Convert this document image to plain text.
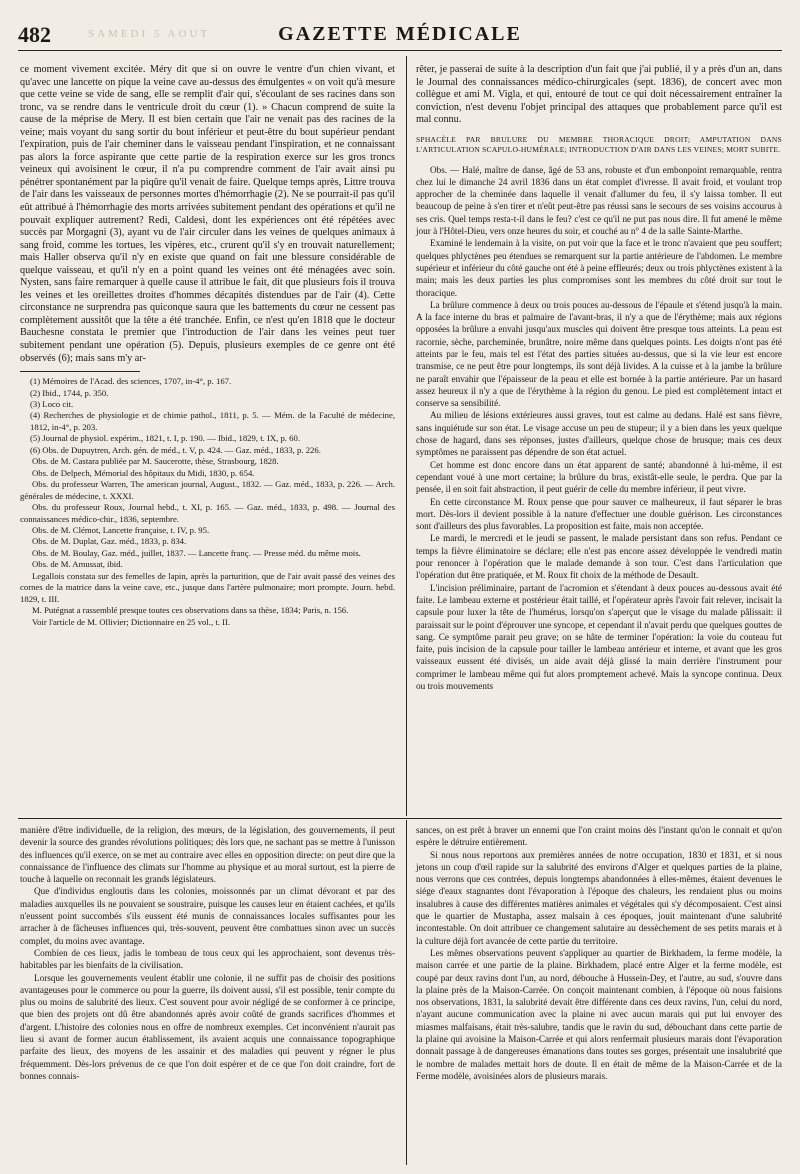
482	SAMEDI 5 AOUT	GAZETTE MÉDICALE

ce moment vivement excitée. Méry dit que si on ouvre le ventre d'un chien vivant, et qu'avec une lancette on pique la veine cave au-dessus des émulgentes « on voit qu'à mesure que cette veine se vide de sang, elle se remplit d'air qui, s'écoulant de ses racines dans son tronc, va se rendre dans le ventricule droit du cœur (1). » Chacun comprend de suite la cause de la méprise de Mery. Il est bien certain que l'air ne venait pas des racines de la veine; mais voyant du sang sortir du bout inférieur et peut-être du bout supérieur pendant l'expiration, puis de l'air cheminer dans le vaisseau pendant l'inspiration, et ne connaissant pas alors la force aspirante que cette partie de la respiration exerce sur les gros troncs veineux qui avoisinent le cœur, il n'a pu comprendre comment de l'air avait ainsi pu pénétrer spontanément par la piqûre qu'il venait de faire. Quelque temps après, Littre trouva de l'air dans les vaisseaux de personnes mortes d'hémorrhagie (2). Ne se pourrait-il pas qu'il eût attribué à l'hémorrhagie des morts arrivées subitement pendant des opérations et qu'il ne pouvait expliquer autrement? Redi, Caldesi, dont les expériences ont été répétées avec succès par Morgagni (3), ayant vu de l'air circuler dans les veines de quelques animaux à sang froid, comme les tortues, les vipères, etc., crurent qu'il s'y en trouvait naturellement; mais Haller observa qu'il n'y en existe que quand on fait une blessure considérable de quelque vaisseau, et qu'il n'y en a point quand les veines ont été ménagées avec soin. Nysten, sans faire remarquer à quelle cause il attribue le fait, dit que plusieurs fois il trouva les veines et les oreillettes droites d'hommes décapités distendues par de l'air (4). Cette circonstance ne surprendra pas quiconque saura que les battements du cœur ne cessent pas complètement aussitôt que la tête a été tranchée. Enfin, ce n'est qu'en 1818 que le docteur Bauchesne constata le premier que l'introduction de l'air dans les veines peut tuer subitement pendant une opération (5). Depuis, plusieurs exemples de ce genre ont été observés (6); mais sans m'y ar-

(1) Mémoires de l'Acad. des sciences, 1707, in-4°, p. 167.

(2) Ibid., 1744, p. 350.

(3) Loco cit.

(4) Recherches de physiologie et de chimie pathol., 1811, p. 5. — Mém. de la Faculté de médecine, 1812, in-4°, p. 203.

(5) Journal de physiol. expérim., 1821, t. I, p. 190. — Ibid., 1829, t. IX, p. 60.

(6) Obs. de Dupuytren, Arch. gén. de méd., t. V, p. 424. — Gaz. méd., 1833, p. 226.

Obs. de M. Castara publiée par M. Saucerotte, thèse, Strasbourg, 1828.

Obs. de Delpech, Mémorial des hôpitaux du Midi, 1830, p. 654.

Obs. du professeur Warren, The american journal, August., 1832. — Gaz. méd., 1833, p. 226. — Arch. générales de médecine, t. XXXI.

Obs. du professeur Roux, Journal hebd., t. XI, p. 165. — Gaz. méd., 1833, p. 498. — Journal des connaissances médico-chir., 1836, septembre.

Obs. de M. Clémot, Lancette française, t. IV, p. 95.

Obs. de M. Duplat, Gaz. méd., 1833, p. 834.

Obs. de M. Boulay, Gaz. méd., juillet, 1837. — Lancette franç. — Presse méd. du même mois.

Obs. de M. Amussat, ibid.

Legallois constata sur des femelles de lapin, après la parturition, que de l'air avait passé des veines des cornes de la matrice dans la veine cave, etc., jusque dans l'artère pulmonaire; mort prompte. Journ. hebd. 1829, t. III.

M. Putégnat a rassemblé presque toutes ces observations dans sa thèse, 1834; Paris, n. 156.

Voir l'article de M. Ollivier; Dictionnaire en 25 vol., t. II.

rêter, je passerai de suite à la description d'un fait que j'ai publié, il y a près d'un an, dans le Journal des connaissances médico-chirurgicales (sept. 1836), de concert avec mon collègue et ami M. Vigla, et qui, entouré de tout ce qui doit nécessairement entraîner la conviction, n'est devenu l'objet principal des attaques que probablement parce qu'il est mal connu.

SPHACÈLE PAR BRULURE DU MEMBRE THORACIQUE DROIT; AMPUTATION DANS L'ARTICULATION SCAPULO-HUMÉRALE; INTRODUCTION D'AIR DANS LES VEINES; MORT SUBITE.

Obs. — Halé, maître de danse, âgé de 53 ans, robuste et d'un embonpoint remarquable, rentra chez lui le dimanche 24 avril 1836 dans un état complet d'ivresse. Il avait froid, et voulant trop approcher de la cheminée dans laquelle il venait d'allumer du feu, il s'y laissa tomber. Il eut beaucoup de peine à s'en tirer et n'eût peut-être pas réussi sans le secours de ses voisins accourus à ses cris. Quel temps resta-t-il dans le feu? c'est ce qu'il ne put pas nous dire. Il fut amené le même jour à l'Hôtel-Dieu, vers onze heures du soir, et couché au n° 4 de la salle Sainte-Marthe.

Examiné le lendemain à la visite, on put voir que la face et le tronc n'avaient que peu souffert; quelques phlyctènes peu étendues se remarquent sur la partie antérieure de l'abdomen. Le membre supérieur et inférieur du côté gauche ont été à peine effleurés; deux ou trois phlyctènes existent à la main; mais les deux parties les plus compromises sont les membres du côté droit sur tout le thoracique.

La brûlure commence à deux ou trois pouces au-dessous de l'épaule et s'étend jusqu'à la main. A la face interne du bras et palmaire de l'avant-bras, il n'y a que de l'érythème; mais aux régions opposées la brûlure a envahi jusqu'aux muscles qui doivent être presque tous atteints. La peau est racornie, sèche, parcheminée, brunâtre, noire même dans quelques points. Les doigts n'ont pas été atteints par le feu, mais tel est l'état des parties situées au-dessus, que si la vie leur est encore transmise, ce ne peut être pour longtemps, ils sont déjà livides. A la cuisse et à la jambe la brûlure ne paraît envahir que l'épaisseur de la peau et elle est bornée à la partie antérieure. Par un hasard assez heureux il n'y a que de l'érythème à la région du genou. Le pied est complètement intact et conserve sa sensibilité.

Au milieu de lésions extérieures aussi graves, tout est calme au dedans. Halé est sans fièvre, sans inquiétude sur son état. Le visage accuse un peu de stupeur; il y a bien dans les yeux quelque chose de hagard, dans ses réponses, justes d'ailleurs, quelque chose de brusque; mais ces deux symptômes ne paraissent pas dépendre de son état actuel.

Cet homme est donc encore dans un état apparent de santé; abandonné à lui-même, il est cependant voué à une mort certaine; la brûlure du bras, existât-elle seule, le perdra. Que par la pensée, il en soit fait abstraction, il peut guérir de celle du membre inférieur, il peut vivre.

En cette circonstance M. Roux pense que pour sauver ce malheureux, il faut séparer le bras mort. Dès-lors il devient possible à la nature d'effectuer une double guérison. Les circonstances sont d'ailleurs des plus favorables. La proposition est faite, mais non acceptée.

Le mardi, le mercredi et le jeudi se passent, le malade persistant dans son refus. Pendant ce temps la fièvre éliminatoire se déclare; elle n'est pas encore assez développée le vendredi matin pour renoncer à l'opération que le malade demande à son tour. C'est dans l'articulation que l'opération dut être pratiquée, et M. Roux fit choix de la méthode de Desault.

L'incision préliminaire, partant de l'acromion et s'étendant à deux pouces au-dessous avait été faite. Le lambeau externe et postérieur était taillé, et l'opérateur après l'avoir fait relever, incisait la capsule pour luxer la tête de l'humérus, lorsqu'on s'aperçut que le visage du malade pâlissait: il paraissait sur le point d'éprouver une syncope, et cependant il n'avait perdu que quelques gouttes de sang. Ce symptôme parait peu grave; on se hâte de terminer l'opération: la voie du couteau fut faite, puis incision de la capsule pour tailler le lambeau antérieur et interne, et avant que les gros vaisseaux eussent été divisés, un aide avait déjà glissé la main derrière l'instrument pour comprimer le lambeau même qui fut alors promptement achevé. Mais la syncope continua. Deux ou trois mouvements

manière d'être individuelle, de la religion, des mœurs, de la législation, des gouvernements, il peut devenir la source des grandes révolutions politiques; dès lors que, ne sachant pas se mettre à l'unisson des influences qu'il exerce, on se met au contraire avec elles en opposition directe: on peut dire que la connaissance de l'influence des climats sur l'homme au physique et au moral surtout, est la pierre de touche à laquelle on reconnait les grands législateurs.

Que d'individus engloutis dans les colonies, moissonnés par un climat dévorant et par des maladies auxquelles ils ne pouvaient se soustraire, puisque les causes leur en étaient cachées, et qu'ils n'eussent point succombés s'ils eussent été munis de connaissances locales suffisantes pour les arracher à de fâcheuses influences qui, très-souvent, peuvent être combattues sinon avec un succès complet, du moins avec avantage.

Combien de ces lieux, jadis le tombeau de tous ceux qui les approchaient, sont devenus très-habitables par les bienfaits de la civilisation.

Lorsque les gouvernements veulent établir une colonie, il ne suffit pas de choisir des positions avantageuses pour le commerce ou pour la guerre, ils doivent aussi, s'il est possible, tenir compte du plus ou moins de salubrité des lieux. C'est souvent pour avoir négligé de se conformer à ce principe, que bien des projets ont dû être abandonnés après avoir coûté de grands sacrifices d'hommes et d'argent. L'histoire des colonies nous en offre de nombreux exemples. Cet inconvénient n'aurait pas lieu si avant de former aucun établissement, ils avaient acquis une connaissance topographique parfaite des lieux, des moyens de les assainir et des maladies qui peuvent y régner le plus fréquemment. Dès-lors prévenus de ce que l'on doit espérer et de ce que l'on doit craindre, fort de bonnes connais-

sances, on est prêt à braver un ennemi que l'on craint moins dès l'instant qu'on le connait et qu'on espère le détruire entièrement.

Si nous nous reportons aux premières années de notre occupation, 1830 et 1831, et si nous jetons un coup d'œil rapide sur la salubrité des environs d'Alger et quelques parties de la plaine, nous verrons que ces contrées, depuis longtemps abandonnées à elles-mêmes, étaient devenues le siége d'eaux stagnantes dont l'évaporation à l'époque des chaleurs, les rendaient plus ou moins insalubres à cause des différentes matières animales et végétales qui s'y décomposaient. C'est ainsi que le quartier de Mustapha, assez malsain à ces époques, jouit maintenant d'une salubrité incontestable. On doit attribuer ce changement salutaire au dessèchement de ses petits marais et à la culture déjà fort avancée de cette partie du territoire.

Les mêmes observations peuvent s'appliquer au quartier de Birkhadem, la ferme modèle, la maison carrée et une partie de la plaine. Birkhadem, placé entre Alger et la ferme modèle, est coupé par deux ravins dont l'un, au nord, débouche à Hussein-Dey, et l'autre, au sud, s'ouvre dans la plaine près de la Maison-Carrée. On conçoit maintenant combien, à l'époque où nous faisions nos observations, 1831, la salubrité devait être différente dans ces deux ravins, l'un, celui du nord, n'ayant aucune communication avec la plaine ni avec aucun marais qui put lui envoyer des miasmes malfaisans, était très-salubre, tandis que le ravin du sud, débouchant dans cette partie de la plaine qui avoisine la Maison-Carrée et qui alors renfermait plusieurs marais dont l'évaporation donnait passage à de dangereuses émanations dans toutes ses gorges, présentait une insalubrité que le nombre de malades mettait hors de doute. Il en était de même de la Maison-Carrée et de la Ferme modèle, avoisinées alors de plusieurs marais.
